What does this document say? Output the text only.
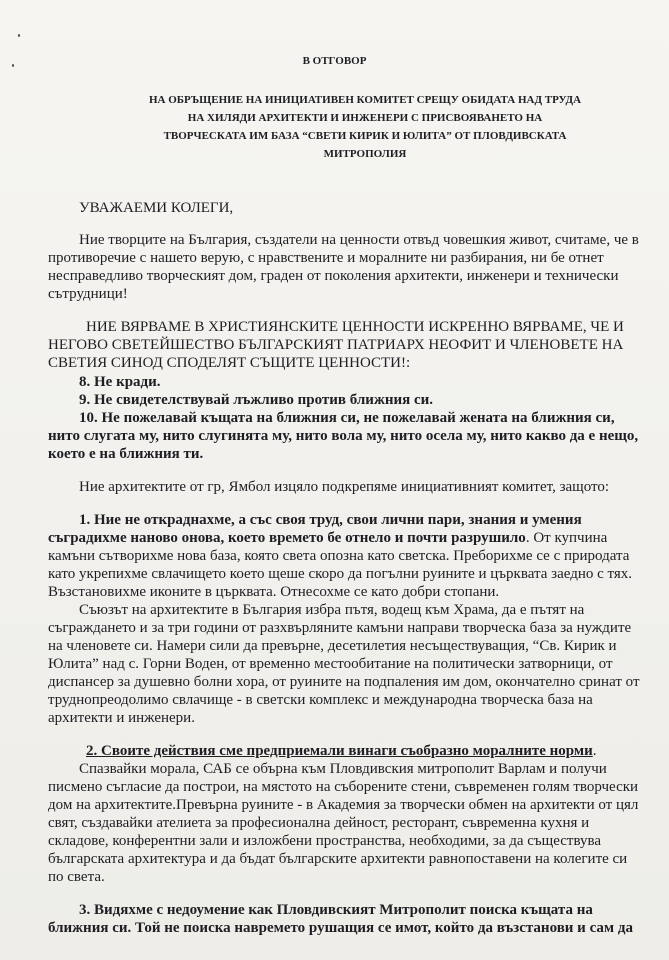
В ОТГОВОР
НА ОБРЪЩЕНИЕ НА ИНИЦИАТИВЕН КОМИТЕТ СРЕЩУ ОБИДАТА НАД ТРУДА
НА ХИЛЯДИ АРХИТЕКТИ И ИНЖЕНЕРИ С ПРИСВОЯВАНЕТО НА
ТВОРЧЕСКАТА ИМ БАЗА “СВЕТИ КИРИК И ЮЛИТА” ОТ ПЛОВДИВСКАТА
МИТРОПОЛИЯ
УВАЖАЕМИ КОЛЕГИ,
Ние творците на България, създатели на ценности отвъд човешкия живот, считаме, че в
противоречие с нашето верую, с нравствените и моралните ни разбирания, ни бе отнет
несправедливо творческият дом, граден от поколения архитекти, инженери и технически
сътрудници!
НИЕ ВЯРВАМЕ В ХРИСТИЯНСКИТЕ ЦЕННОСТИ ИСКРЕННО ВЯРВАМЕ, ЧЕ И
НЕГОВО СВЕТЕЙШЕСТВО БЪЛГАРСКИЯТ ПАТРИАРХ НЕОФИТ И ЧЛЕНОВЕТЕ НА
СВЕТИЯ СИНОД СПОДЕЛЯТ СЪЩИТЕ ЦЕННОСТИ!:
8. Не кради.
9. Не свидетелствувай лъжливо против ближния си.
10. Не пожелавай къщата на ближния си, не пожелавай жената на ближния си,
нито слугата му, нито слугинята му, нито вола му, нито осела му, нито какво да е нещо,
което е на ближния ти.
Ние архитектите от гр, Ямбол изцяло подкрепяме инициативният комитет, защото:
1. Ние не откраднахме, а със своя труд, свои лични пари, знания и умения
съградихме наново онова, което времето бе отнело и почти разрушило. От купчина
камъни сътворихме нова база, която света опозна като светска. Преборихме се с природата
като укрепихме свлачището което щеше скоро да погълни руините и църквата заедно с тях.
Възстановихме иконите в църквата. Отнесохме се като добри стопани.
Съюзът на архитектите в България избра пътя, водещ към Храма, да е пътят на
съграждането и за три години от разхвърляните камъни направи творческа база за нуждите
на членовете си. Намери сили да превърне, десетилетия несъществуващия, “Св. Кирик и
Юлита” над с. Горни Воден, от временно местообитание на политически затворници, от
диспансер за душевно болни хора, от руините на подпаления им дом, окончателно сринат от
труднопреодолимо свлачище - в светски комплекс и международна творческа база на
архитекти и инженери.
2. Своите действия сме предприемали винаги съобразно моралните норми.
Спазвайки морала, САБ се обърна към Пловдивския митрополит Варлам и получи
писмено съгласие да построи, на мястото на съборените стени, съвременен голям творчески
дом на архитектите.Превърна руините - в Академия за творчески обмен на архитекти от цял
свят, създавайки ателиета за професионална дейност, ресторант, съвременна кухня и
складове, конферентни зали и изложбени пространства, необходими, за да съществува
българската архитектура и да бъдат българските архитекти равнопоставени на колегите си
по света.
3. Видяхме с недоумение как Пловдивският Митрополит поиска къщата на
ближния си. Той не поиска навремето рушащия се имот, който да възстанови и сам да
